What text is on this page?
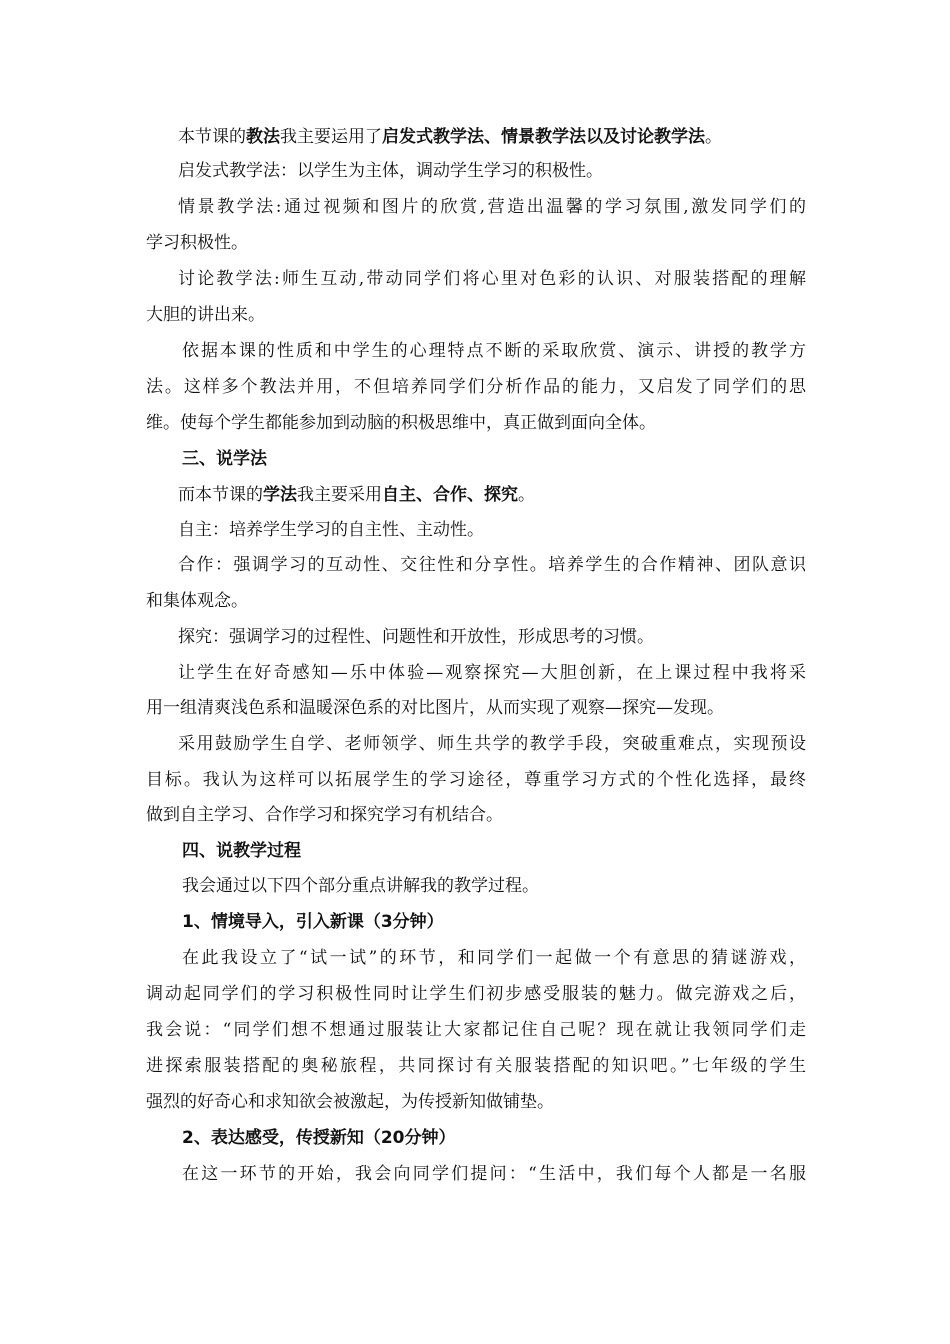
本节课的教法我主要运用了启发式教学法、情景教学法以及讨论教学法。
启发式教学法：以学生为主体，调动学生学习的积极性。
情景教学法:通过视频和图片的欣赏,营造出温馨的学习氛围,激发同学们的
学习积极性。
讨论教学法:师生互动,带动同学们将心里对色彩的认识、对服装搭配的理解
大胆的讲出来。
依据本课的性质和中学生的心理特点不断的采取欣赏、演示、讲授的教学方
法。这样多个教法并用，不但培养同学们分析作品的能力，又启发了同学们的思
维。使每个学生都能参加到动脑的积极思维中，真正做到面向全体。
三、说学法
而本节课的学法我主要采用自主、合作、探究。
自主：培养学生学习的自主性、主动性。
合作：强调学习的互动性、交往性和分享性。培养学生的合作精神、团队意识
和集体观念。
探究：强调学习的过程性、问题性和开放性，形成思考的习惯。
让学生在好奇感知—乐中体验—观察探究—大胆创新，在上课过程中我将采
用一组清爽浅色系和温暖深色系的对比图片，从而实现了观察—探究—发现。
采用鼓励学生自学、老师领学、师生共学的教学手段，突破重难点，实现预设
目标。我认为这样可以拓展学生的学习途径，尊重学习方式的个性化选择，最终
做到自主学习、合作学习和探究学习有机结合。
四、说教学过程
我会通过以下四个部分重点讲解我的教学过程。
1、情境导入，引入新课（3分钟）
在此我设立了“试一试”的环节，和同学们一起做一个有意思的猜谜游戏，
调动起同学们的学习积极性同时让学生们初步感受服装的魅力。做完游戏之后，
我会说：“同学们想不想通过服装让大家都记住自己呢？现在就让我领同学们走
进探索服装搭配的奥秘旅程，共同探讨有关服装搭配的知识吧。”七年级的学生
强烈的好奇心和求知欲会被激起，为传授新知做铺垫。
2、表达感受，传授新知（20分钟）
在这一环节的开始，我会向同学们提问：“生活中，我们每个人都是一名服
